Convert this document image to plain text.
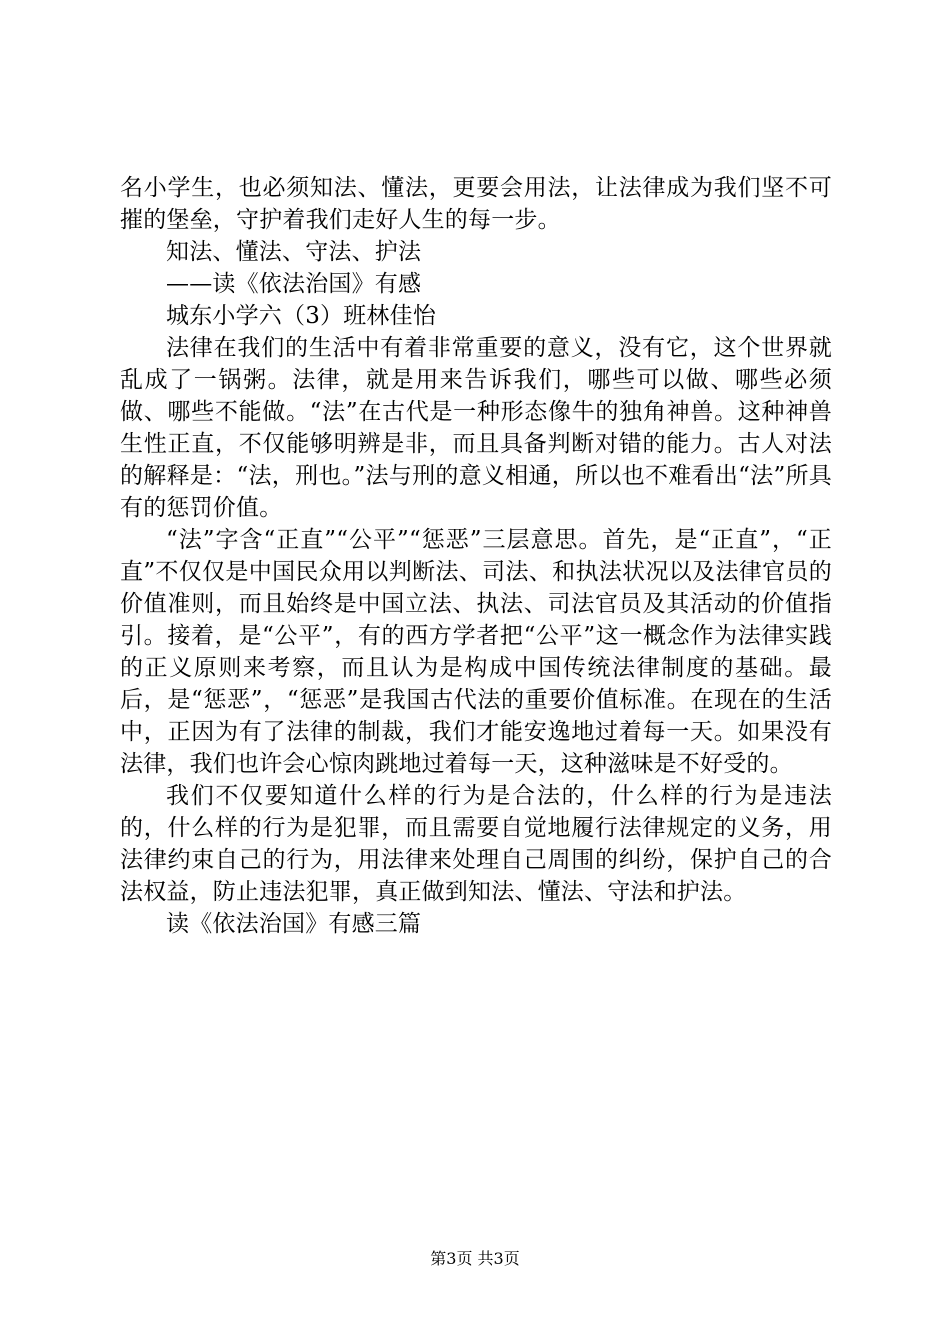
名小学生，也必须知法、懂法，更要会用法，让法律成为我们坚不可摧的堡垒，守护着我们走好人生的每一步。

知法、懂法、守法、护法

——读《依法治国》有感

城东小学六（3）班林佳怡

法律在我们的生活中有着非常重要的意义，没有它，这个世界就乱成了一锅粥。法律，就是用来告诉我们，哪些可以做、哪些必须做、哪些不能做。“法”在古代是一种形态像牛的独角神兽。这种神兽生性正直，不仅能够明辨是非，而且具备判断对错的能力。古人对法的解释是：“法，刑也。”法与刑的意义相通，所以也不难看出“法”所具有的惩罚价值。

“法”字含“正直”“公平”“惩恶”三层意思。首先，是“正直”，“正直”不仅仅是中国民众用以判断法、司法、和执法状况以及法律官员的价值准则，而且始终是中国立法、执法、司法官员及其活动的价值指引。接着，是“公平”，有的西方学者把“公平”这一概念作为法律实践的正义原则来考察，而且认为是构成中国传统法律制度的基础。最后，是“惩恶”，“惩恶”是我国古代法的重要价值标准。在现在的生活中，正因为有了法律的制裁，我们才能安逸地过着每一天。如果没有法律，我们也许会心惊肉跳地过着每一天，这种滋味是不好受的。

我们不仅要知道什么样的行为是合法的，什么样的行为是违法的，什么样的行为是犯罪，而且需要自觉地履行法律规定的义务，用法律约束自己的行为，用法律来处理自己周围的纠纷，保护自己的合法权益，防止违法犯罪，真正做到知法、懂法、守法和护法。

读《依法治国》有感三篇

第3页 共3页
